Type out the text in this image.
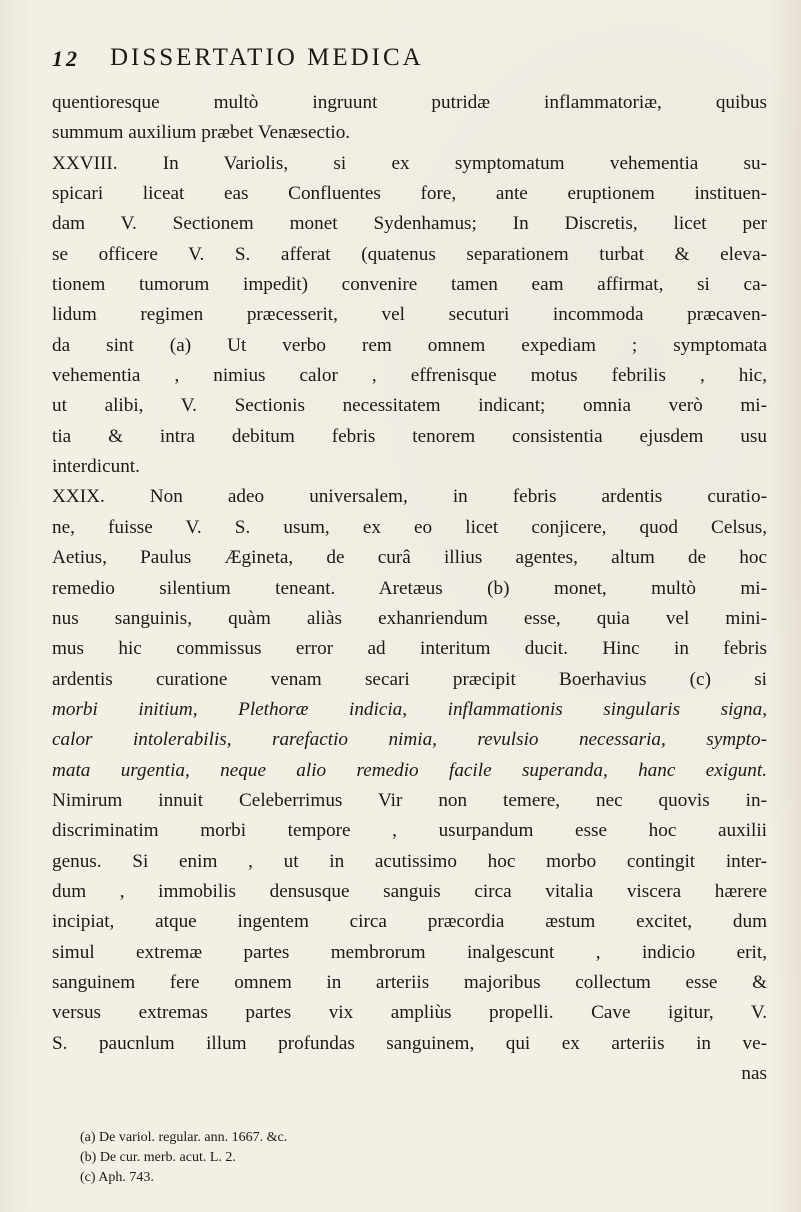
12 DISSERTATIO MEDICA
quentioresque multò ingruunt putridæ inflammatoriæ, quibus
summum auxilium præbet Venæsectio.
XXVIII. In Variolis, si ex symptomatum vehementia su-
spicari liceat eas Confluentes fore, ante eruptionem instituen-
dam V. Sectionem monet Sydenhamus; In Discretis, licet per
se officere V. S. afferat (quatenus separationem turbat & eleva-
tionem tumorum impedit) convenire tamen eam affirmat, si ca-
lidum regimen præcesserit, vel secuturi incommoda præcaven-
da sint (a) Ut verbo rem omnem expediam ; symptomata
vehementia , nimius calor , effrenisque motus febrilis , hic,
ut alibi, V. Sectionis necessitatem indicant; omnia verò mi-
tia & intra debitum febris tenorem consistentia ejusdem usu
interdicunt.
XXIX. Non adeo universalem, in febris ardentis curatio-
ne, fuisse V. S. usum, ex eo licet conjicere, quod Celsus,
Aetius, Paulus Ægineta, de curâ illius agentes, altum de hoc
remedio silentium teneant. Aretæus (b) monet, multò mi-
nus sanguinis, quàm aliàs exhanriendum esse, quia vel mini-
mus hic commissus error ad interitum ducit. Hinc in febris
ardentis curatione venam secari præcipit Boerhavius (c) si
morbi initium, Plethoræ indicia, inflammationis singularis signa,
calor intolerabilis, rarefactio nimia, revulsio necessaria, sympto-
mata urgentia, neque alio remedio facile superanda, hanc exigunt.
Nimirum innuit Celeberrimus Vir non temere, nec quovis in-
discriminatim morbi tempore , usurpandum esse hoc auxilii
genus. Si enim , ut in acutissimo hoc morbo contingit inter-
dum , immobilis densusque sanguis circa vitalia viscera hærere
incipiat, atque ingentem circa præcordia æstum excitet, dum
simul extremæ partes membrorum inalgescunt , indicio erit,
sanguinem fere omnem in arteriis majoribus collectum esse &
versus extremas partes vix ampliùs propelli. Cave igitur, V.
S. paucnlum illum profundas sanguinem, qui ex arteriis in ve-
nas
(a) De variol. regular. ann. 1667. &c.
(b) De cur. merb. acut. L. 2.
(c) Aph. 743.
